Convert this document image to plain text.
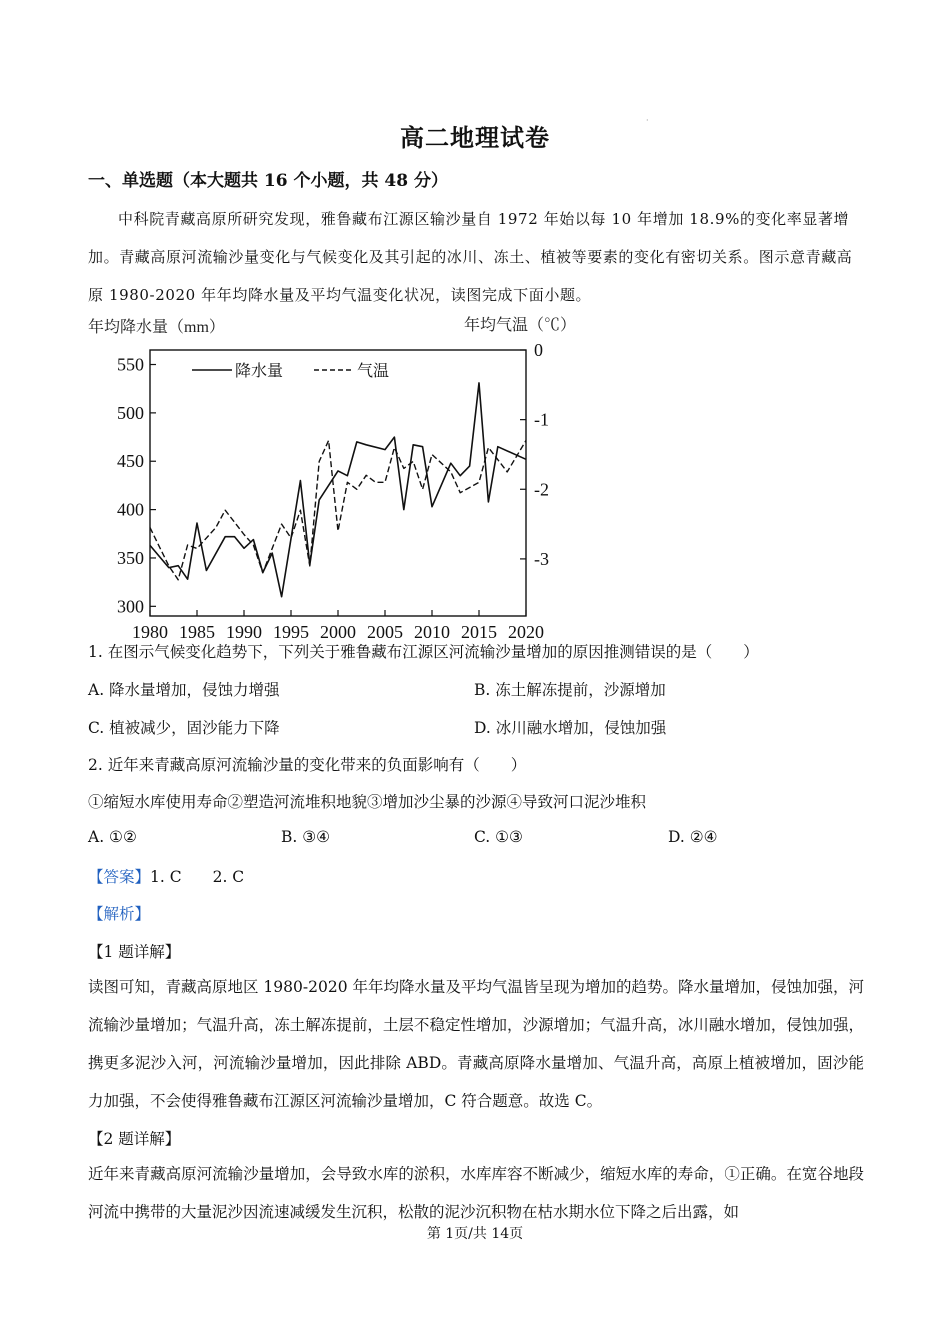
·
高二地理试卷
一、单选题（本大题共 16 个小题，共 48 分）

中科院青藏高原所研究发现，雅鲁藏布江源区输沙量自 1972 年始以每 10 年增加 18.9%的变化率显著增加。青藏高原河流输沙量变化与气候变化及其引起的冰川、冻土、植被等要素的变化有密切关系。图示意青藏高原 1980-2020 年年均降水量及平均气温变化状况，读图完成下面小题。

年均降水量（mm）	年均气温（℃）
1980 1985 1990 1995 2000 2005 2010 2015 2020
550
500
450
400
350
300
0
-1
-2
-3
降水量	气温
1. 在图示气候变化趋势下，下列关于雅鲁藏布江源区河流输沙量增加的原因推测错误的是（　　）
A. 降水量增加，侵蚀力增强	B. 冻土解冻提前，沙源增加
C. 植被减少，固沙能力下降	D. 冰川融水增加，侵蚀加强
2. 近年来青藏高原河流输沙量的变化带来的负面影响有（　　）
①缩短水库使用寿命②塑造河流堆积地貌③增加沙尘暴的沙源④导致河口泥沙堆积
A. ①②	B. ③④	C. ①③	D. ②④
【答案】1. C　　2. C
【解析】
【1 题详解】

读图可知，青藏高原地区 1980-2020 年年均降水量及平均气温皆呈现为增加的趋势。降水量增加，侵蚀加强，河流输沙量增加；气温升高，冻土解冻提前，土层不稳定性增加，沙源增加；气温升高，冰川融水增加，侵蚀加强，携更多泥沙入河，河流输沙量增加，因此排除 ABD。青藏高原降水量增加、气温升高，高原上植被增加，固沙能力加强，不会使得雅鲁藏布江源区河流输沙量增加，C 符合题意。故选 C。

【2 题详解】

近年来青藏高原河流输沙量增加，会导致水库的淤积，水库库容不断减少，缩短水库的寿命，①正确。在宽谷地段河流中携带的大量泥沙因流速减缓发生沉积，松散的泥沙沉积物在枯水期水位下降之后出露，如

第 1页/共 14页
